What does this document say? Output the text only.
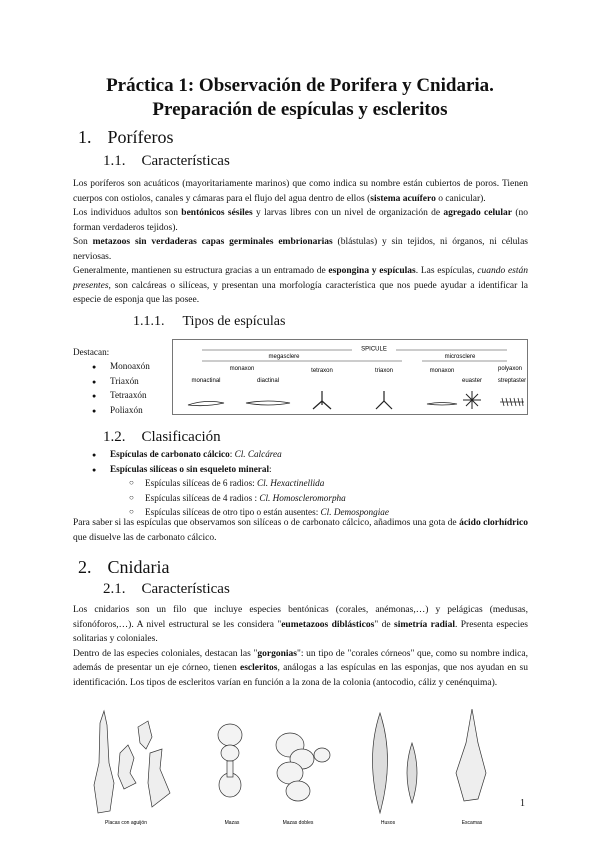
Práctica 1: Observación de Porifera y Cnidaria.
Preparación de espículas y escleritos
1. Poríferos
1.1. Características
Los poríferos son acuáticos (mayoritariamente marinos) que como indica su nombre están cubiertos de poros. Tienen cuerpos con ostiolos, canales y cámaras para el flujo del agua dentro de ellos (sistema acuífero o canicular).
Los individuos adultos son bentónicos sésiles y larvas libres con un nivel de organización de agregado celular (no forman verdaderos tejidos).
Son metazoos sin verdaderas capas germinales embrionarias (blástulas) y sin tejidos, ni órganos, ni células nerviosas.
Generalmente, mantienen su estructura gracias a un entramado de espongina y espículas. Las espículas, cuando están presentes, son calcáreas o silíceas, y presentan una morfología característica que nos puede ayudar a identificar la especie de esponja que las posee.
1.1.1. Tipos de espículas
Destacan:
● Monoaxón
● Triaxón
● Tetraaxón
● Poliaxón
SPICULE
megasclere	microsclere
monaxon	tetraxon	triaxon	monaxon	polyaxon
monactinal	diactinal	euaster	streptaster
1.2. Clasificación
● Espículas de carbonato cálcico: Cl. Calcárea
● Espículas silíceas o sin esqueleto mineral:
○ Espículas silíceas de 6 radios: Cl. Hexactinellida
○ Espículas silíceas de 4 radios : Cl. Homoscleromorpha
○ Espículas silíceas de otro tipo o están ausentes: Cl. Demospongiae
Para saber si las espículas que observamos son silíceas o de carbonato cálcico, añadimos una gota de ácido clorhídrico que disuelve las de carbonato cálcico.
2. Cnidaria
2.1. Características
Los cnidarios son un filo que incluye especies bentónicas (corales, anémonas,…) y pelágicas (medusas, sifonóforos,…). A nivel estructural se les considera "eumetazoos diblásticos" de simetría radial. Presenta especies solitarias y coloniales.
Dentro de las especies coloniales, destacan las "gorgonias": un tipo de "corales córneos" que, como su nombre indica, además de presentar un eje córneo, tienen escleritos, análogas a las espículas en las esponjas, que nos ayudan en su identificación. Los tipos de escleritos varían en función a la zona de la colonia (antocodio, cáliz y cenénquima).
Placas con aguijón	Mazas	Mazas dobles	Husos	Escamas
1
